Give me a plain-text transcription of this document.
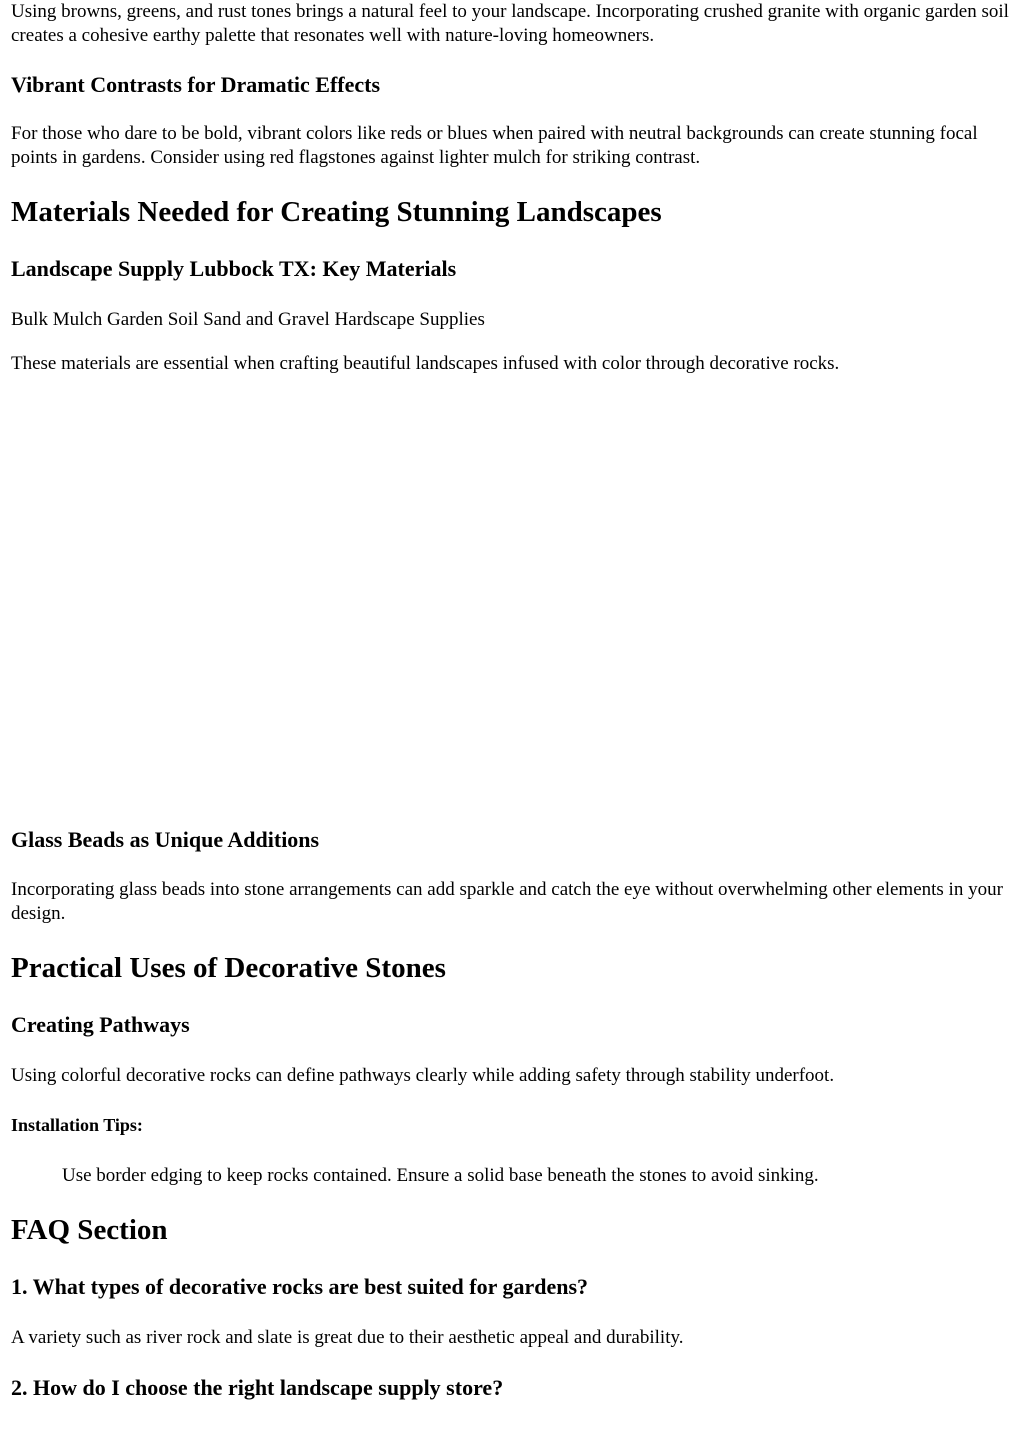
Using browns, greens, and rust tones brings a natural feel to your landscape. Incorporating crushed granite with organic garden soil creates a cohesive earthy palette that resonates well with nature-loving homeowners.

Vibrant Contrasts for Dramatic Effects

For those who dare to be bold, vibrant colors like reds or blues when paired with neutral backgrounds can create stunning focal points in gardens. Consider using red flagstones against lighter mulch for striking contrast.

Materials Needed for Creating Stunning Landscapes
Landscape Supply Lubbock TX: Key Materials

Bulk Mulch Garden Soil Sand and Gravel Hardscape Supplies

These materials are essential when crafting beautiful landscapes infused with color through decorative rocks.

Glass Beads as Unique Additions

Incorporating glass beads into stone arrangements can add sparkle and catch the eye without overwhelming other elements in your design.

Practical Uses of Decorative Stones
Creating Pathways

Using colorful decorative rocks can define pathways clearly while adding safety through stability underfoot.

Installation Tips:

Use border edging to keep rocks contained. Ensure a solid base beneath the stones to avoid sinking.

FAQ Section
1. What types of decorative rocks are best suited for gardens?

A variety such as river rock and slate is great due to their aesthetic appeal and durability.

2. How do I choose the right landscape supply store?
